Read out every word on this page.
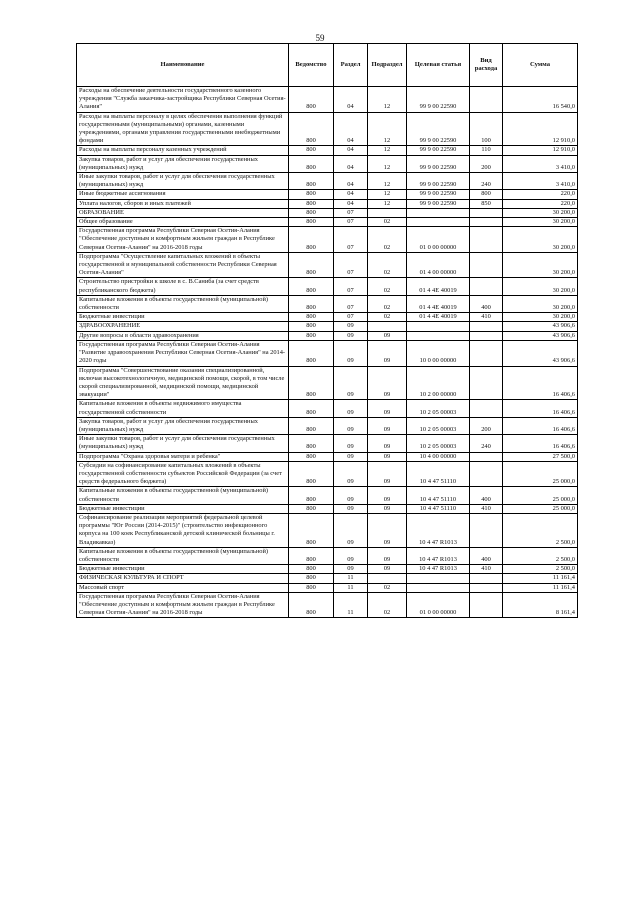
59
Наименование	Ведомство	Раздел	Подраздел	Целевая статья	Вид расхода	Сумма
Расходы на обеспечение деятельности государственного казенного учреждения "Служба заказчика-застройщика Республики Северная Осетия-Алания"	800	04	12	99 9 00 22590		16 540,0
Расходы на выплаты персоналу в целях обеспечения выполнения функций государственными (муниципальными) органами, казенными учреждениями, органами управления государственными внебюджетными фондами	800	04	12	99 9 00 22590	100	12 910,0
Расходы на выплаты персоналу казенных учреждений	800	04	12	99 9 00 22590	110	12 910,0
Закупка товаров, работ и услуг для обеспечения государственных (муниципальных) нужд	800	04	12	99 9 00 22590	200	3 410,0
Иные закупки товаров, работ и услуг для обеспечения государственных (муниципальных) нужд	800	04	12	99 9 00 22590	240	3 410,0
Иные бюджетные ассигнования	800	04	12	99 9 00 22590	800	220,0
Уплата налогов, сборов и иных платежей	800	04	12	99 9 00 22590	850	220,0
ОБРАЗОВАНИЕ	800	07				30 200,0
Общее образование	800	07	02			30 200,0
Государственная программа Республики Северная Осетия-Алания "Обеспечение доступным и комфортным жильем граждан в Республике Северная Осетия-Алания" на 2016-2018 годы	800	07	02	01 0 00 00000		30 200,0
Подпрограмма "Осуществление капитальных вложений в объекты государственной и муниципальной собственности Республики Северная Осетия-Алания"	800	07	02	01 4 00 00000		30 200,0
Строительство пристройки к школе в с. В.Саниба (за счет средств республиканского бюджета)	800	07	02	01 4 4Е 40019		30 200,0
Капитальные вложения в объекты государственной (муниципальной) собственности	800	07	02	01 4 4Е 40019	400	30 200,0
Бюджетные инвестиции	800	07	02	01 4 4Е 40019	410	30 200,0
ЗДРАВООХРАНЕНИЕ	800	09				43 906,6
Другие вопросы в области здравоохранения	800	09	09			43 906,6
Государственная программа Республики Северная Осетия-Алания "Развитие здравоохранения Республики Северная Осетия-Алания" на 2014-2020 годы	800	09	09	10 0 00 00000		43 906,6
Подпрограмма "Совершенствование оказания специализированной, включая высокотехнологичную, медицинской помощи, скорой, в том числе скорой специализированной, медицинской помощи, медицинской эвакуации"	800	09	09	10 2 00 00000		16 406,6
Капитальные вложения в объекты недвижимого имущества государственной собственности	800	09	09	10 2 05 00003		16 406,6
Закупка товаров, работ и услуг для обеспечения государственных (муниципальных) нужд	800	09	09	10 2 05 00003	200	16 406,6
Иные закупки товаров, работ и услуг для обеспечения государственных (муниципальных) нужд	800	09	09	10 2 05 00003	240	16 406,6
Подпрограмма "Охрана здоровья матери и ребенка"	800	09	09	10 4 00 00000		27 500,0
Субсидии на софинансирование капитальных вложений в объекты государственной собственности субъектов Российской Федерации (за счет средств федерального бюджета)	800	09	09	10 4 47 51110		25 000,0
Капитальные вложения в объекты государственной (муниципальной) собственности	800	09	09	10 4 47 51110	400	25 000,0
Бюджетные инвестиции	800	09	09	10 4 47 51110	410	25 000,0
Софинансирование реализации мероприятий федеральной целевой программы "Юг России (2014-2015)" (строительство инфекционного корпуса на 100 коек Республиканской детской клинической больницы г. Владикавказ)	800	09	09	10 4 47 R1013		2 500,0
Капитальные вложения в объекты государственной (муниципальной) собственности	800	09	09	10 4 47 R1013	400	2 500,0
Бюджетные инвестиции	800	09	09	10 4 47 R1013	410	2 500,0
ФИЗИЧЕСКАЯ КУЛЬТУРА И СПОРТ	800	11				11 161,4
Массовый спорт	800	11	02			11 161,4
Государственная программа Республики Северная Осетия-Алания "Обеспечение доступным и комфортным жильем граждан в Республике Северная Осетия-Алания" на 2016-2018 годы	800	11	02	01 0 00 00000		8 161,4
